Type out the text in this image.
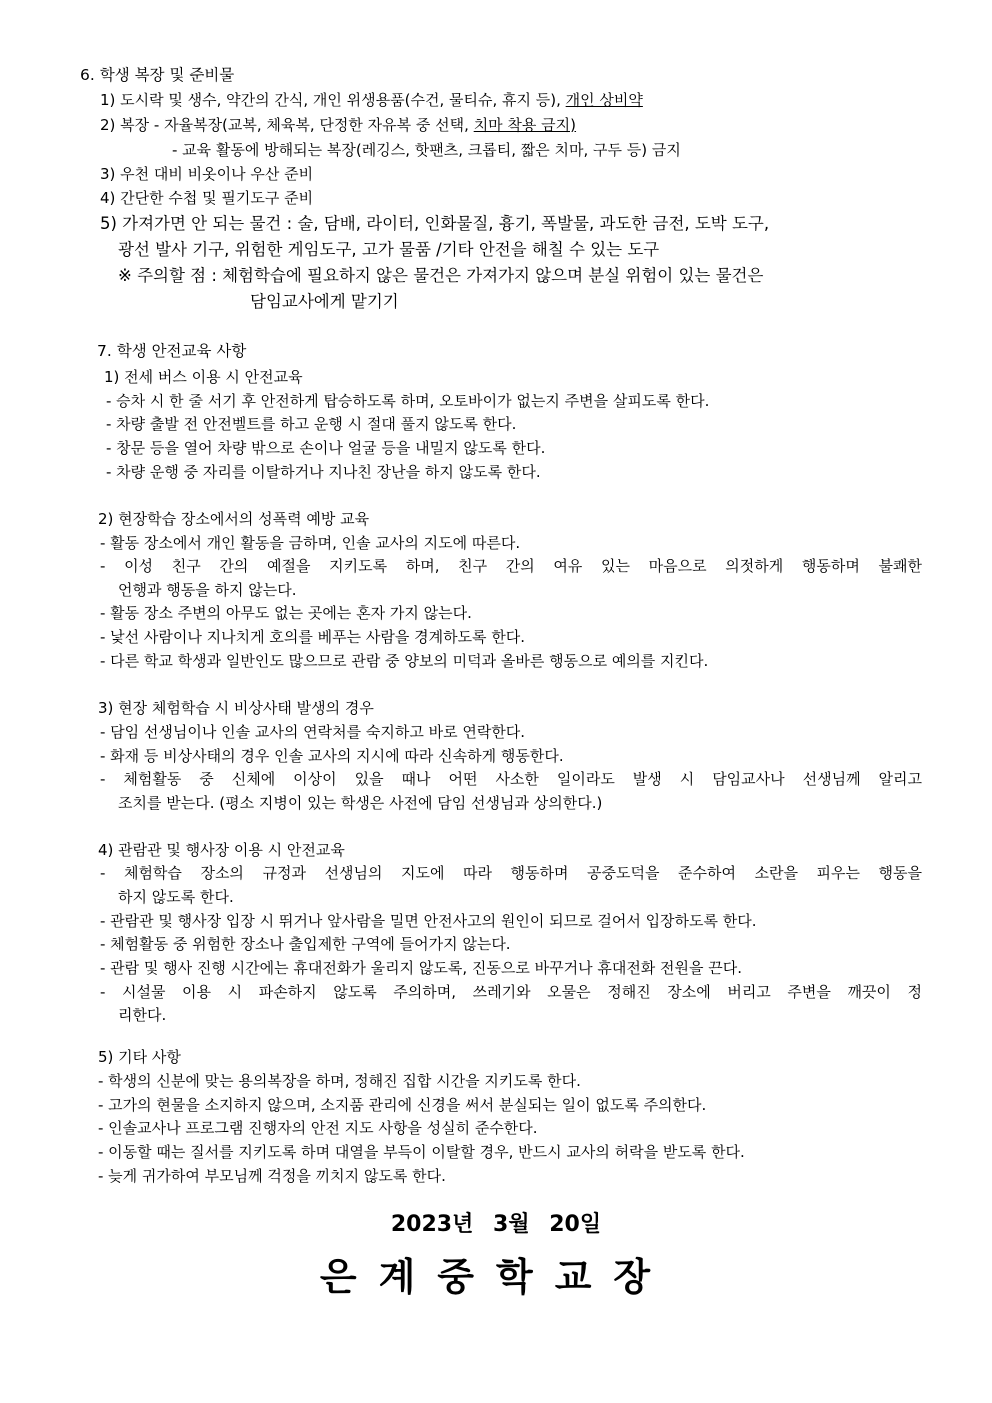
6. 학생 복장 및 준비물
1) 도시락 및 생수, 약간의 간식, 개인 위생용품(수건, 물티슈, 휴지 등), 개인 상비약
2) 복장 - 자율복장(교복, 체육복, 단정한 자유복 중 선택, 치마 착용 금지)
- 교육 활동에 방해되는 복장(레깅스, 핫팬츠, 크롭티, 짧은 치마, 구두 등) 금지
3) 우천 대비 비옷이나 우산 준비
4) 간단한 수첩 및 필기도구 준비
5) 가져가면 안 되는 물건 : 술, 담배, 라이터, 인화물질, 흉기, 폭발물, 과도한 금전, 도박 도구,
광선 발사 기구, 위험한 게임도구, 고가 물품 /기타 안전을 해칠 수 있는 도구
※ 주의할 점 : 체험학습에 필요하지 않은 물건은 가져가지 않으며 분실 위험이 있는 물건은
담임교사에게 맡기기
7. 학생 안전교육 사항
1) 전세 버스 이용 시 안전교육
- 승차 시 한 줄 서기 후 안전하게 탑승하도록 하며, 오토바이가 없는지 주변을 살피도록 한다.
- 차량 출발 전 안전벨트를 하고 운행 시 절대 풀지 않도록 한다.
- 창문 등을 열어 차량 밖으로 손이나 얼굴 등을 내밀지 않도록 한다.
- 차량 운행 중 자리를 이탈하거나 지나친 장난을 하지 않도록 한다.
2) 현장학습 장소에서의 성폭력 예방 교육
- 활동 장소에서 개인 활동을 금하며, 인솔 교사의 지도에 따른다.
- 이성 친구 간의 예절을 지키도록 하며, 친구 간의 여유 있는 마음으로 의젓하게 행동하며 불쾌한
언행과 행동을 하지 않는다.
- 활동 장소 주변의 아무도 없는 곳에는 혼자 가지 않는다.
- 낯선 사람이나 지나치게 호의를 베푸는 사람을 경계하도록 한다.
- 다른 학교 학생과 일반인도 많으므로 관람 중 양보의 미덕과 올바른 행동으로 예의를 지킨다.
3) 현장 체험학습 시 비상사태 발생의 경우
- 담임 선생님이나 인솔 교사의 연락처를 숙지하고 바로 연락한다.
- 화재 등 비상사태의 경우 인솔 교사의 지시에 따라 신속하게 행동한다.
- 체험활동 중 신체에 이상이 있을 때나 어떤 사소한 일이라도 발생 시 담임교사나 선생님께 알리고
조치를 받는다. (평소 지병이 있는 학생은 사전에 담임 선생님과 상의한다.)
4) 관람관 및 행사장 이용 시 안전교육
- 체험학습 장소의 규정과 선생님의 지도에 따라 행동하며 공중도덕을 준수하여 소란을 피우는 행동을
하지 않도록 한다.
- 관람관 및 행사장 입장 시 뛰거나 앞사람을 밀면 안전사고의 원인이 되므로 걸어서 입장하도록 한다.
- 체험활동 중 위험한 장소나 출입제한 구역에 들어가지 않는다.
- 관람 및 행사 진행 시간에는 휴대전화가 울리지 않도록, 진동으로 바꾸거나 휴대전화 전원을 끈다.
- 시설물 이용 시 파손하지 않도록 주의하며, 쓰레기와 오물은 정해진 장소에 버리고 주변을 깨끗이 정
리한다.
5) 기타 사항
- 학생의 신분에 맞는 용의복장을 하며, 정해진 집합 시간을 지키도록 한다.
- 고가의 현물을 소지하지 않으며, 소지품 관리에 신경을 써서 분실되는 일이 없도록 주의한다.
- 인솔교사나 프로그램 진행자의 안전 지도 사항을 성실히 준수한다.
- 이동할 때는 질서를 지키도록 하며 대열을 부득이 이탈할 경우, 반드시 교사의 허락을 받도록 한다.
- 늦게 귀가하여 부모님께 걱정을 끼치지 않도록 한다.
2023년 3월 20일
은계중학교장
